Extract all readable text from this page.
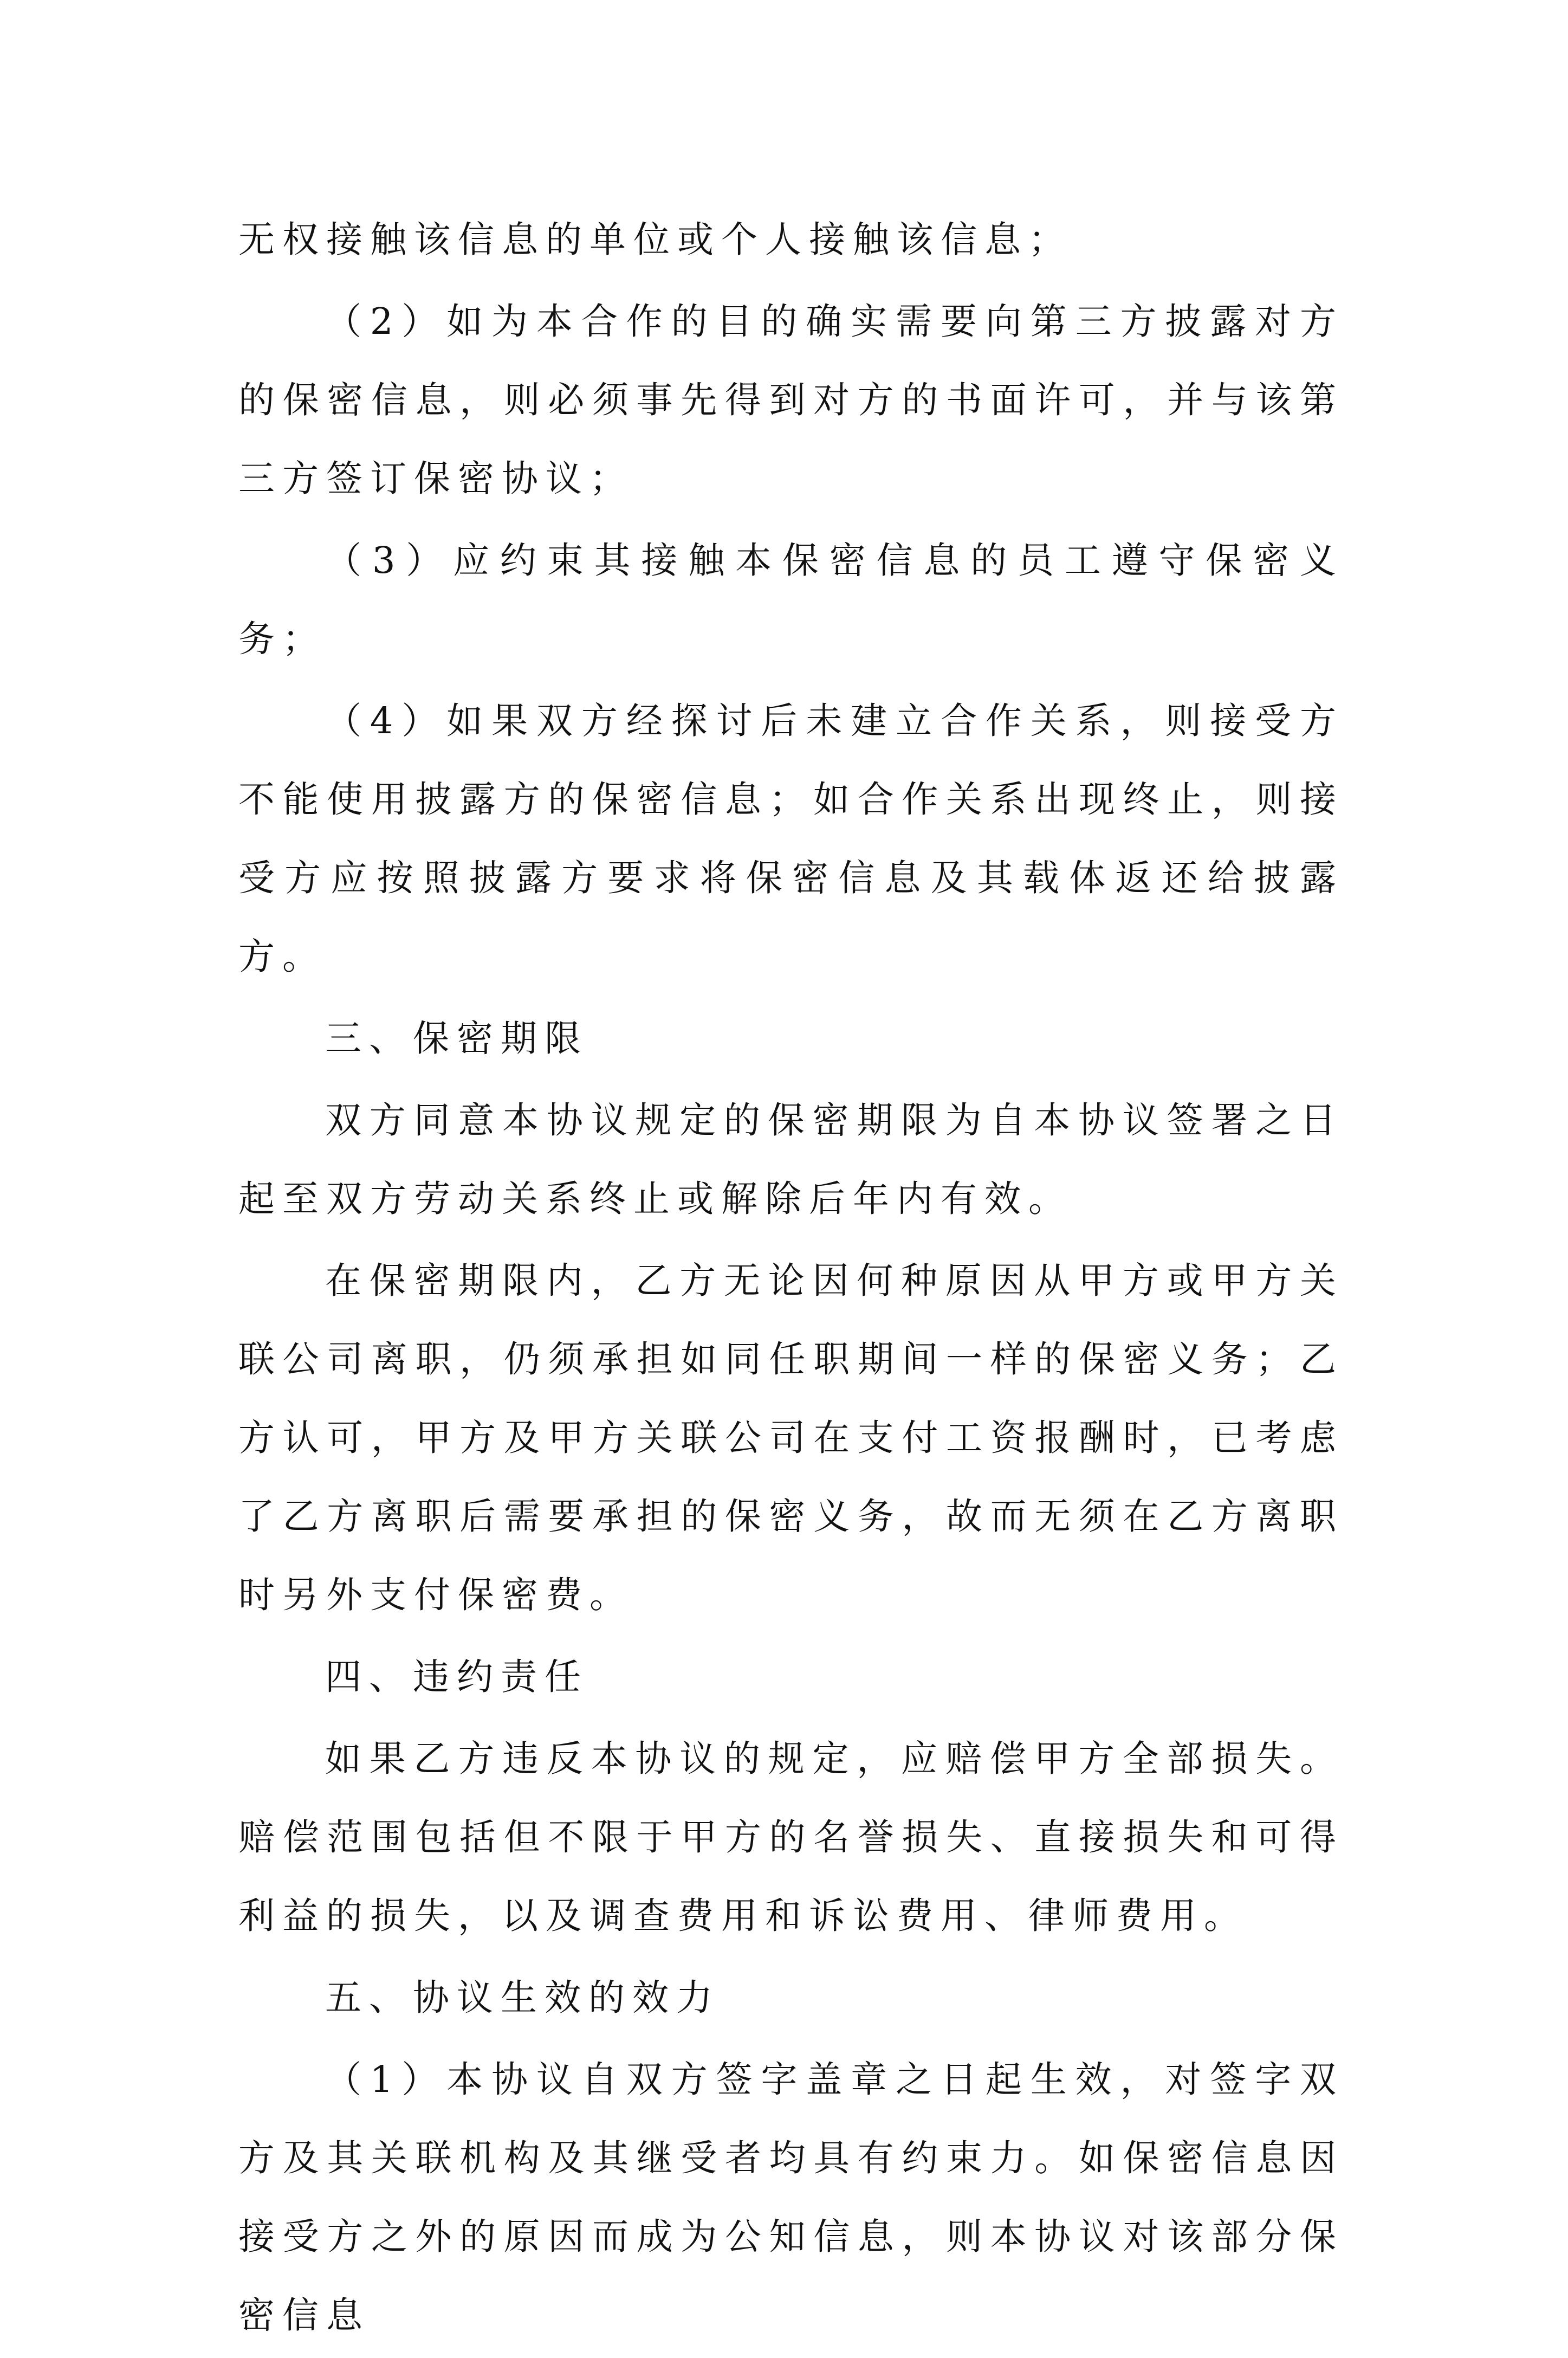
无权接触该信息的单位或个人接触该信息；

（2）如为本合作的目的确实需要向第三方披露对方的保密信息，则必须事先得到对方的书面许可，并与该第三方签订保密协议；

（3）应约束其接触本保密信息的员工遵守保密义务；

（4）如果双方经探讨后未建立合作关系，则接受方不能使用披露方的保密信息；如合作关系出现终止，则接受方应按照披露方要求将保密信息及其载体返还给披露方。

三、保密期限

双方同意本协议规定的保密期限为自本协议签署之日起至双方劳动关系终止或解除后年内有效。

在保密期限内，乙方无论因何种原因从甲方或甲方关联公司离职，仍须承担如同任职期间一样的保密义务；乙方认可，甲方及甲方关联公司在支付工资报酬时，已考虑了乙方离职后需要承担的保密义务，故而无须在乙方离职时另外支付保密费。

四、违约责任

如果乙方违反本协议的规定，应赔偿甲方全部损失。赔偿范围包括但不限于甲方的名誉损失、直接损失和可得利益的损失，以及调查费用和诉讼费用、律师费用。

五、协议生效的效力

（1）本协议自双方签字盖章之日起生效，对签字双方及其关联机构及其继受者均具有约束力。如保密信息因接受方之外的原因而成为公知信息，则本协议对该部分保密信息
